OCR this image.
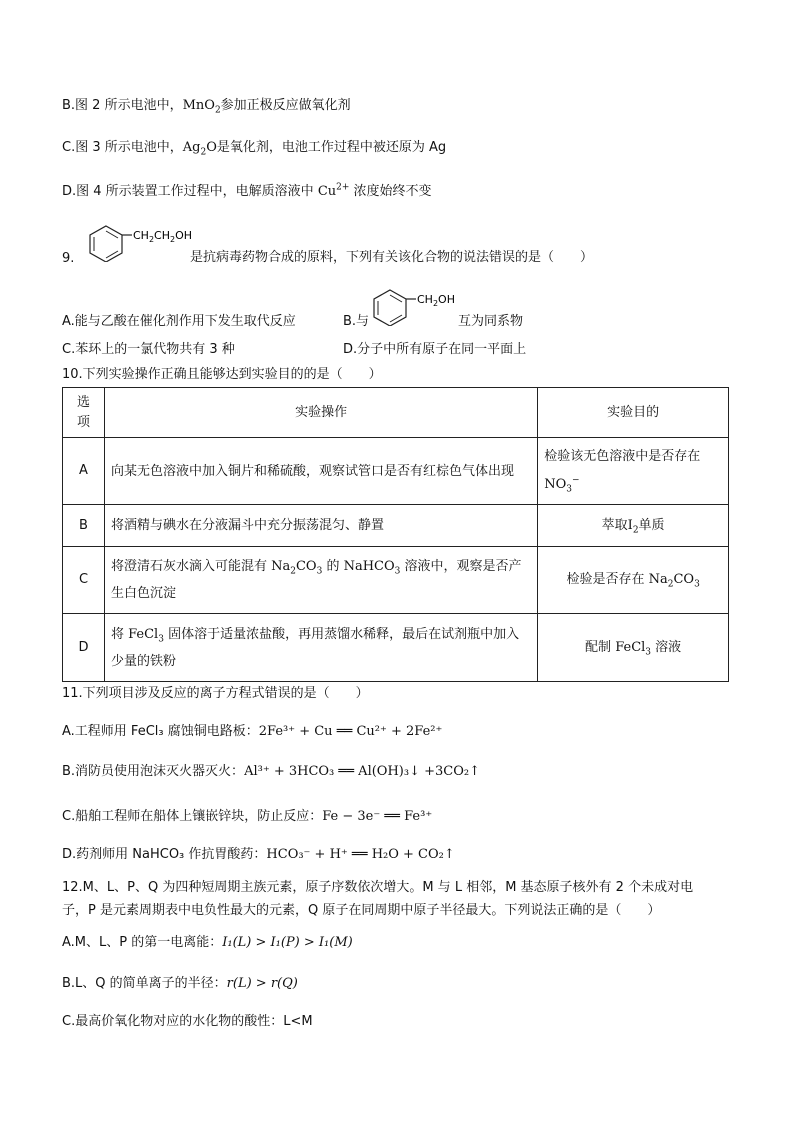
B.图 2 所示电池中，MnO$_2$参加正极反应做氧化剂
C.图 3 所示电池中，$Ag_2O$是氧化剂，电池工作过程中被还原为 Ag
D.图 4 所示装置工作过程中，电解质溶液中 $Cu^{2+}$ 浓度始终不变
9.
$CH_2CH_2OH$
是抗病毒药物合成的原料，下列有关该化合物的说法错误的是（　　）
A.能与乙酸在催化剂作用下发生取代反应	B.与
$CH_2OH$
互为同系物
C.苯环上的一氯代物共有 3 种	D.分子中所有原子在同一平面上
10.下列实验操作正确且能够达到实验目的的是（　　）
选项	实验操作	实验目的
A	向某无色溶液中加入铜片和稀硫酸，观察试管口是否有红棕色气体出现	检验该无色溶液中是否存在
$NO_3^-$
B	将酒精与碘水在分液漏斗中充分振荡混匀、静置	萃取$I_2$单质
C	将澄清石灰水滴入可能混有 $Na_2CO_3$ 的 NaHCO$_3$ 溶液中，观察是否产生白色沉淀	检验是否存在 $Na_2CO_3$
D	将 FeCl$_3$ 固体溶于适量浓盐酸，再用蒸馏水稀释，最后在试剂瓶中加入少量的铁粉	配制 FeCl$_3$ 溶液
11.下列项目涉及反应的离子方程式错误的是（　　）
A.工程师用 FeCl₃ 腐蚀铜电路板：2Fe³⁺ + Cu ══ Cu²⁺ + 2Fe²⁺
B.消防员使用泡沫灭火器灭火：Al³⁺ + 3HCO₃ ══ Al(OH)₃↓ +3CO₂↑
C.船舶工程师在船体上镶嵌锌块，防止反应：Fe − 3e⁻ ══ Fe³⁺
D.药剂师用 NaHCO₃ 作抗胃酸药：HCO₃⁻ + H⁺ ══ H₂O + CO₂↑
12.M、L、P、Q 为四种短周期主族元素，原子序数依次增大。M 与 L 相邻，M 基态原子核外有 2 个未成对电
子，P 是元素周期表中电负性最大的元素，Q 原子在同周期中原子半径最大。下列说法正确的是（　　）
A.M、L、P 的第一电离能：I₁(L) > I₁(P) > I₁(M)
B.L、Q 的简单离子的半径：r(L) > r(Q)
C.最高价氧化物对应的水化物的酸性：L<M
